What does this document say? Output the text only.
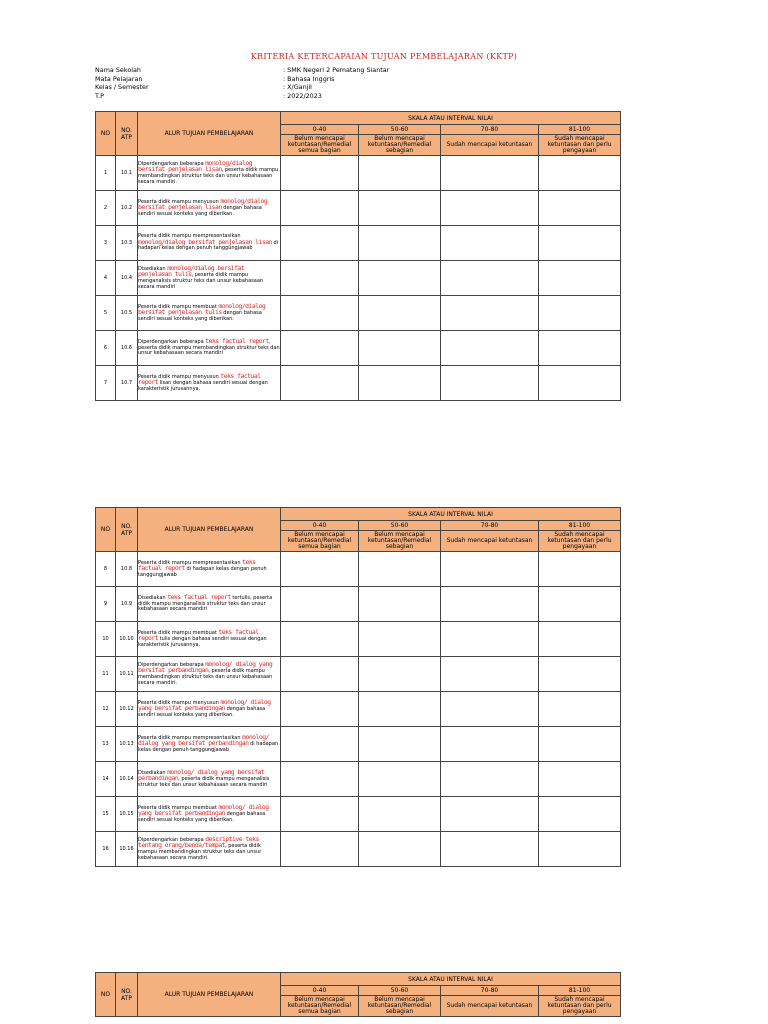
KRITERIA KETERCAPAIAN TUJUAN PEMBELAJARAN (KKTP)
Nama Sekolah	: SMK Negeri 2 Pematang Siantar
Mata Pelajaran	: Bahasa Inggris
Kelas / Semester	: X/Ganjil
T.P	: 2022/2023
NO	NO. ATP	ALUR TUJUAN PEMBELAJARAN	SKALA ATAU INTERVAL NILAI			
			0-40	50-60	70-80	81-100
			Belum mencapai ketuntasan/Remedial semua bagian	Belum mencapai ketuntasan/Remedial sebagian	Sudah mencapai ketuntasan	Sudah mencapai ketuntasan dan perlu pengayaan
1	10.1	Diperdengarkan beberapa monolog/dialog bersifat penjelasan lisan, peserta didik mampu membandingkan struktur teks dan unsur kebahasaan secara mandiri.				
2	10.2	Peserta didik mampu menyusun monolog/dialog bersifat penjelasan lisan dengan bahasa sendiri sesuai konteks yang diberikan.				
3	10.3	Peserta didik mampu mempresentasikan monolog/dialog bersifat penjelasan lisan di hadapan kelas dengan penuh tanggungjawab				
4	10.4	Disediakan monolog/dialog bersifat penjelasan tulis, peserta didik mampu menganalisis struktur teks dan unsur kebahasaan secara mandiri				
5	10.5	Peserta didik mampu membuat monolog/dialog bersifat penjelasan tulis dengan bahasa sendiri sesuai konteks yang diberikan.				
6	10.6	Diperdengarkan beberapa teks factual report, peserta didik mampu membandingkan struktur teks dan unsur kebahasaan secara mandiri				
7	10.7	Peserta didik mampu menyusun teks factual report lisan dengan bahasa sendiri sesuai dengan karakteristik jurusannya.				
NO	NO. ATP	ALUR TUJUAN PEMBELAJARAN	SKALA ATAU INTERVAL NILAI			
			0-40	50-60	70-80	81-100
			Belum mencapai ketuntasan/Remedial semua bagian	Belum mencapai ketuntasan/Remedial sebagian	Sudah mencapai ketuntasan	Sudah mencapai ketuntasan dan perlu pengayaan
8	10.8	Peserta didik mampu mempresentasikan teks factual report di hadapan kelas dengan penuh tanggungjawab				
9	10.9	Disediakan teks factual report tertulis, peserta didik mampu menganalisis struktur teks dan unsur kebahasaan secara mandiri				
10	10.10	Peserta didik mampu membuat teks factual report tulis dengan bahasa sendiri sesuai dengan karakteristik jurusannya.				
11	10.11	Diperdengarkan beberapa monolog/ dialog yang bersifat perbandingan, peserta didik mampu membandingkan struktur teks dan unsur kebahasaan secara mandiri.				
12	10.12	Peserta didik mampu menyusun monolog/ dialog yang bersifat perbandingan dengan bahasa sendiri sesuai konteks yang diberikan.				
13	10.13	Peserta didik mampu mempresentasikan monolog/ dialog yang bersifat perbandingan di hadapan kelas dengan penuh tanggungjawab				
14	10.14	Disediakan monolog/ dialog yang bersifat perbandingan, peserta didik mampu menganalisis struktur teks dan unsur kebahasaan secara mandiri				
15	10.15	Peserta didik mampu membuat monolog/ dialog yang bersifat perbandingan dengan bahasa sendiri sesuai konteks yang diberikan.				
16	10.16	Diperdengarkan beberapa descriptive teks tentang orang/benda/tempat, peserta didik mampu membandingkan struktur teks dan unsur kebahasaan secara mandiri.				
NO	NO. ATP	ALUR TUJUAN PEMBELAJARAN	SKALA ATAU INTERVAL NILAI			
			0-40	50-60	70-80	81-100
			Belum mencapai ketuntasan/Remedial semua bagian	Belum mencapai ketuntasan/Remedial sebagian	Sudah mencapai ketuntasan	Sudah mencapai ketuntasan dan perlu pengayaan
